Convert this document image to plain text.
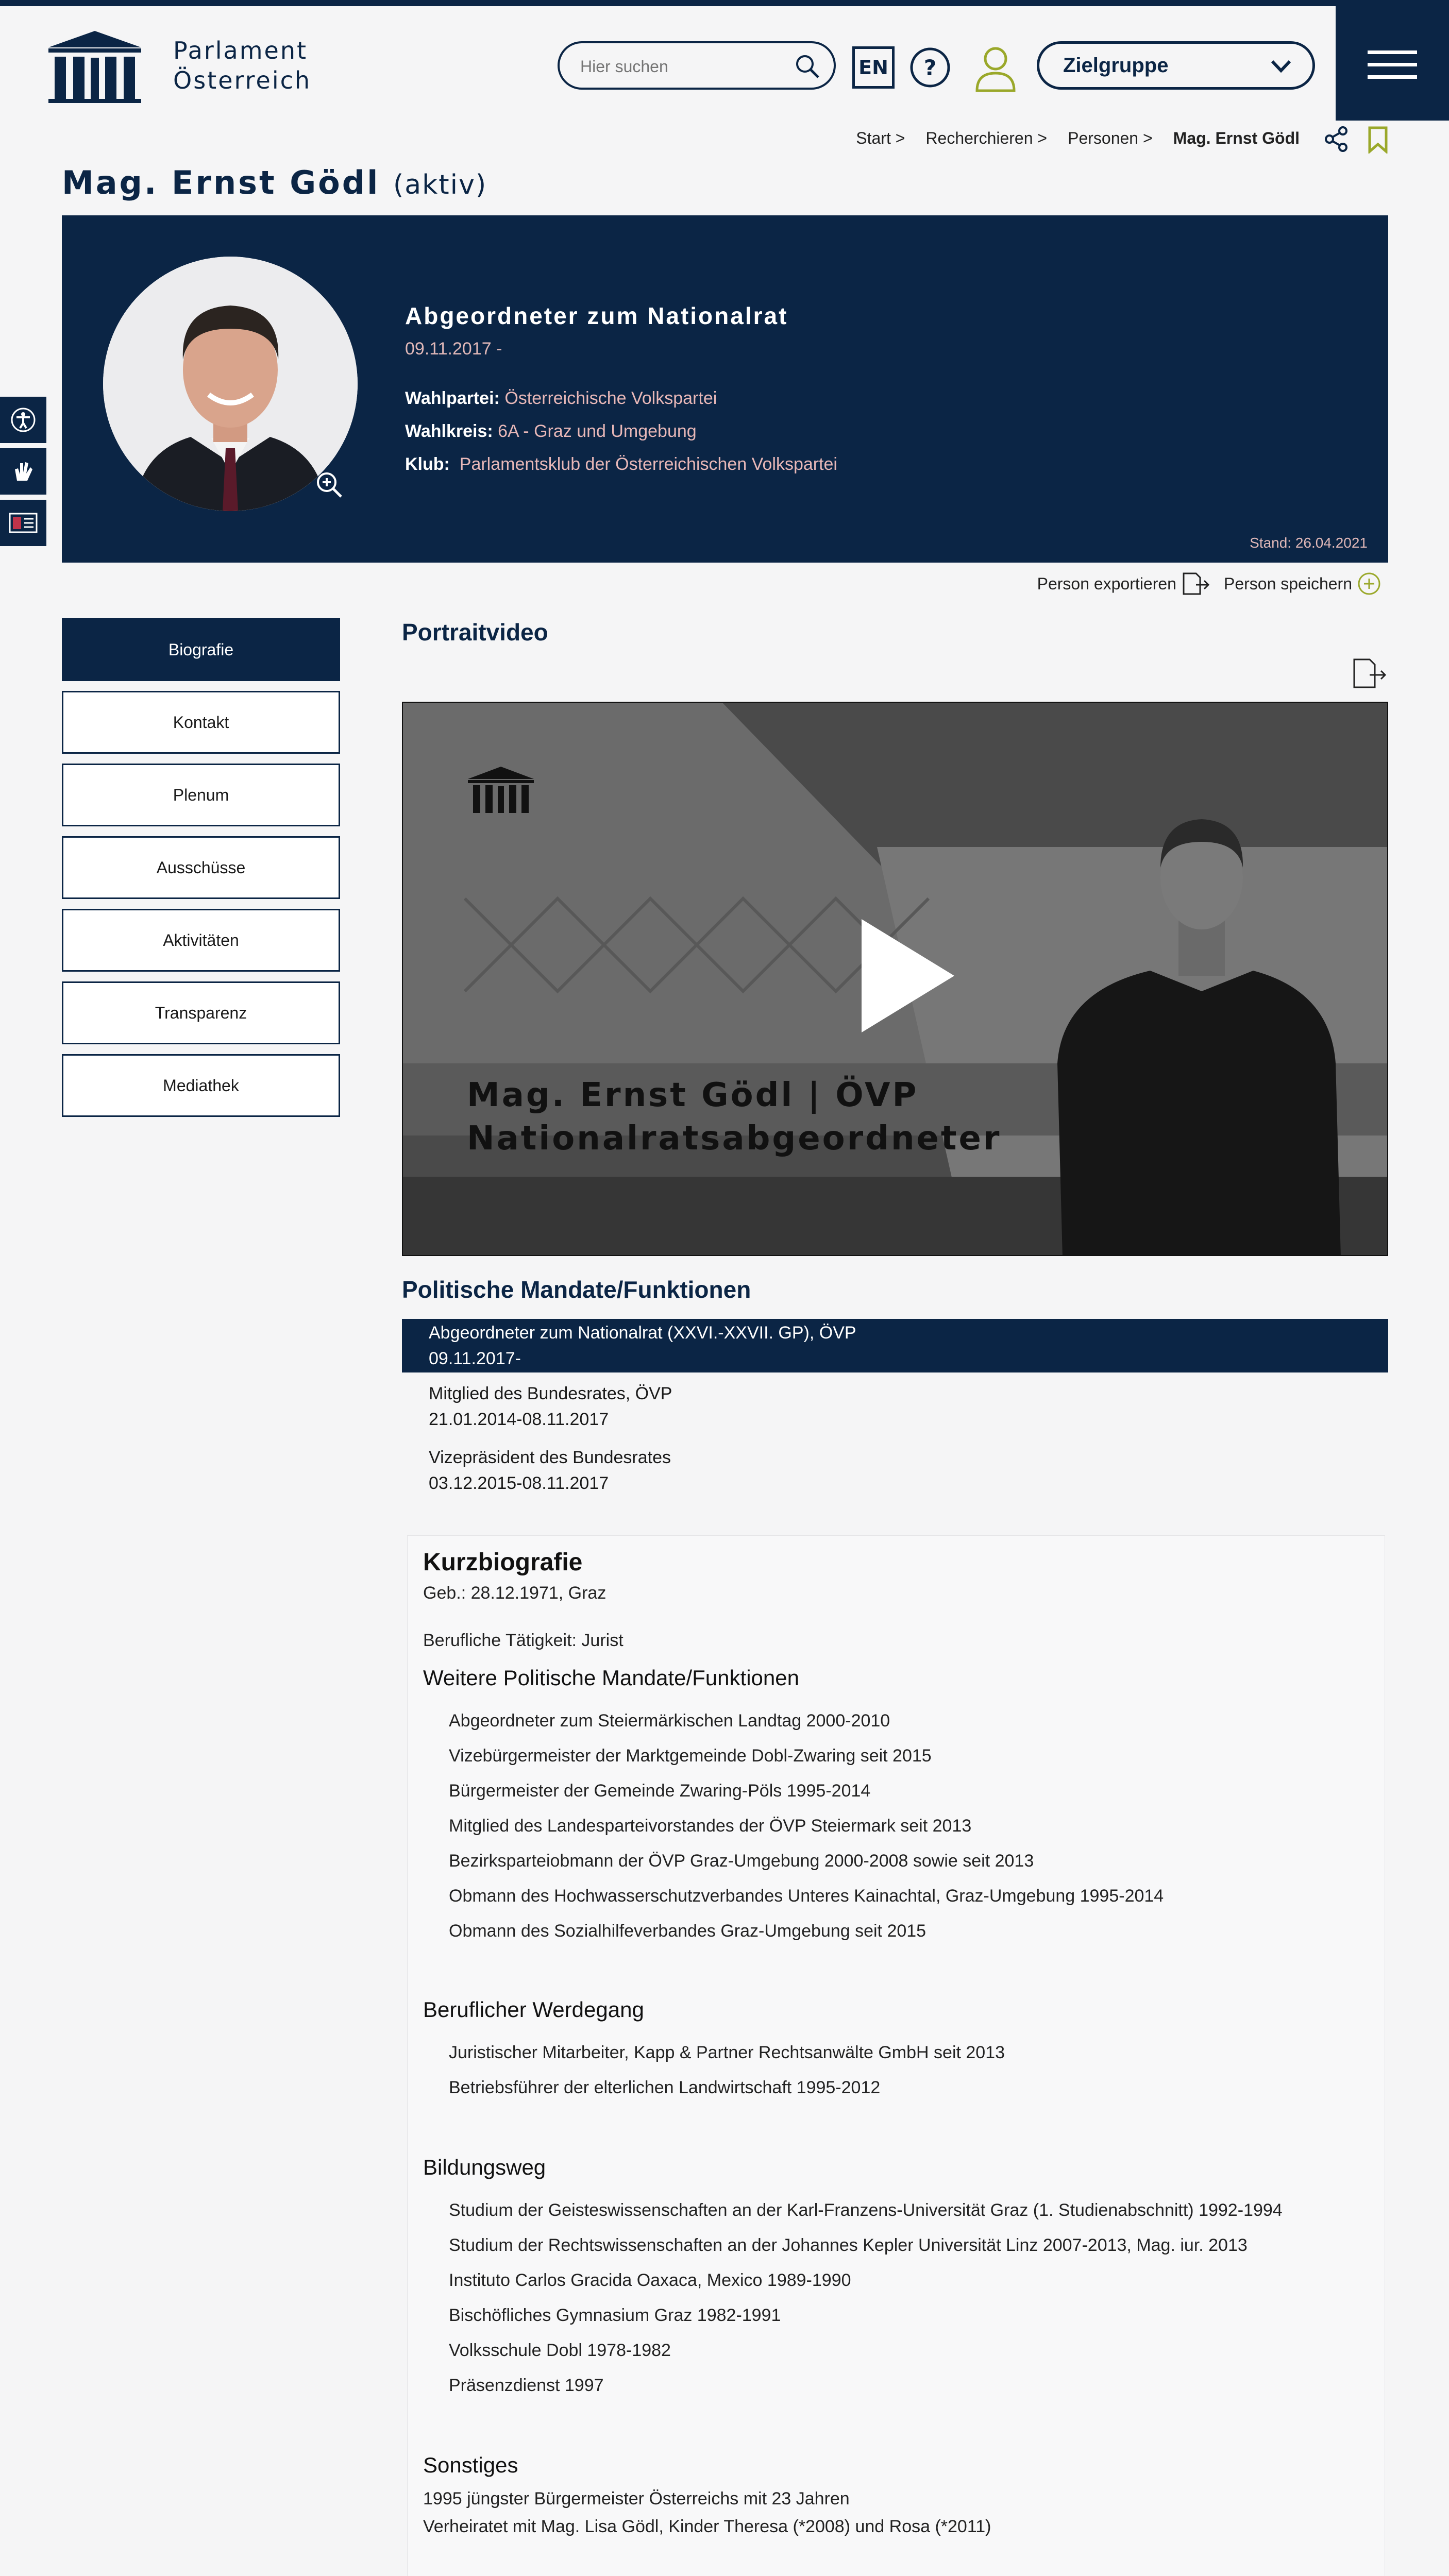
Parlament
Österreich
Hier suchen	EN ?	Zielgruppe
Start > Recherchieren > Personen > Mag. Ernst Gödl
Mag. Ernst Gödl (aktiv)
Abgeordneter zum Nationalrat
09.11.2017 -
Wahlpartei: Österreichische Volkspartei
Wahlkreis: 6A - Graz und Umgebung
Klub: Parlamentsklub der Österreichischen Volkspartei
Stand: 26.04.2021
Person exportieren	Person speichern
Biografie
Kontakt
Plenum
Ausschüsse
Aktivitäten
Transparenz
Mediathek
Portraitvideo
Mag. Ernst Gödl | ÖVP
Nationalratsabgeordneter
Politische Mandate/Funktionen
Abgeordneter zum Nationalrat (XXVI.-XXVII. GP), ÖVP
09.11.2017-
Mitglied des Bundesrates, ÖVP
21.01.2014-08.11.2017
Vizepräsident des Bundesrates
03.12.2015-08.11.2017
Kurzbiografie
Geb.: 28.12.1971, Graz
Berufliche Tätigkeit: Jurist
Weitere Politische Mandate/Funktionen
Abgeordneter zum Steiermärkischen Landtag 2000-2010
Vizebürgermeister der Marktgemeinde Dobl-Zwaring seit 2015
Bürgermeister der Gemeinde Zwaring-Pöls 1995-2014
Mitglied des Landesparteivorstandes der ÖVP Steiermark seit 2013
Bezirksparteiobmann der ÖVP Graz-Umgebung 2000-2008 sowie seit 2013
Obmann des Hochwasserschutzverbandes Unteres Kainachtal, Graz-Umgebung 1995-2014
Obmann des Sozialhilfeverbandes Graz-Umgebung seit 2015
Beruflicher Werdegang
Juristischer Mitarbeiter, Kapp & Partner Rechtsanwälte GmbH seit 2013
Betriebsführer der elterlichen Landwirtschaft 1995-2012
Bildungsweg
Studium der Geisteswissenschaften an der Karl-Franzens-Universität Graz (1. Studienabschnitt) 1992-1994
Studium der Rechtswissenschaften an der Johannes Kepler Universität Linz 2007-2013, Mag. iur. 2013
Instituto Carlos Gracida Oaxaca, Mexico 1989-1990
Bischöfliches Gymnasium Graz 1982-1991
Volksschule Dobl 1978-1982
Präsenzdienst 1997
Sonstiges
1995 jüngster Bürgermeister Österreichs mit 23 Jahren
Verheiratet mit Mag. Lisa Gödl, Kinder Theresa (*2008) und Rosa (*2011)
